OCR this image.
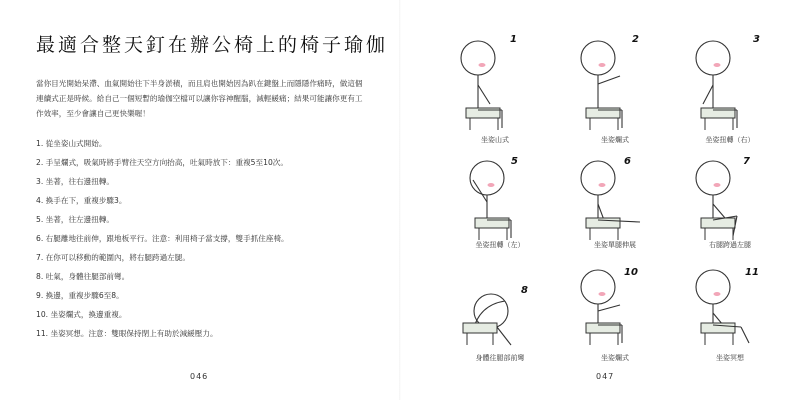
最適合整天釘在辦公椅上的椅子瑜伽
當你目光開始呆滯、血氣開始往下半身淤積，而且肩也開始因為趴在鍵盤上而隱隱作痛時，做這個連續式正是時候。給自己一個短暫的瑜伽空檔可以讓你容神醒腦，減輕緩痛；結果可能讓你更有工作效率，至少會讓自己更快樂喔！
1. 從坐姿山式開始。
2. 手呈爛式，吸氣時將手臂往天空方向抬高，吐氣時放下：重複5至10次。
3. 坐著，往右邊扭轉。
4. 換手在下，重複步驟3。
5. 坐著，往左邊扭轉。
6. 右腿離地往前伸，跟地板平行。注意：利用椅子當支撐，雙手抓住座椅。
7. 在你可以移動的範圍內，將右腿跨過左腿。
8. 吐氣，身體往腿部前彎。
9. 換邊，重複步驟6至8。
10. 坐姿爛式，換邊重複。
11. 坐姿冥想。注意：雙眼保持閉上有助於減緩壓力。
046
1
坐姿山式
2
坐姿爛式
3
坐姿扭轉（右）
5
坐姿扭轉（左）
6
坐姿單腿伸展
7
右腿跨過左腿
8
身體往腿部前彎
10
坐姿爛式
11
坐姿冥想
047
